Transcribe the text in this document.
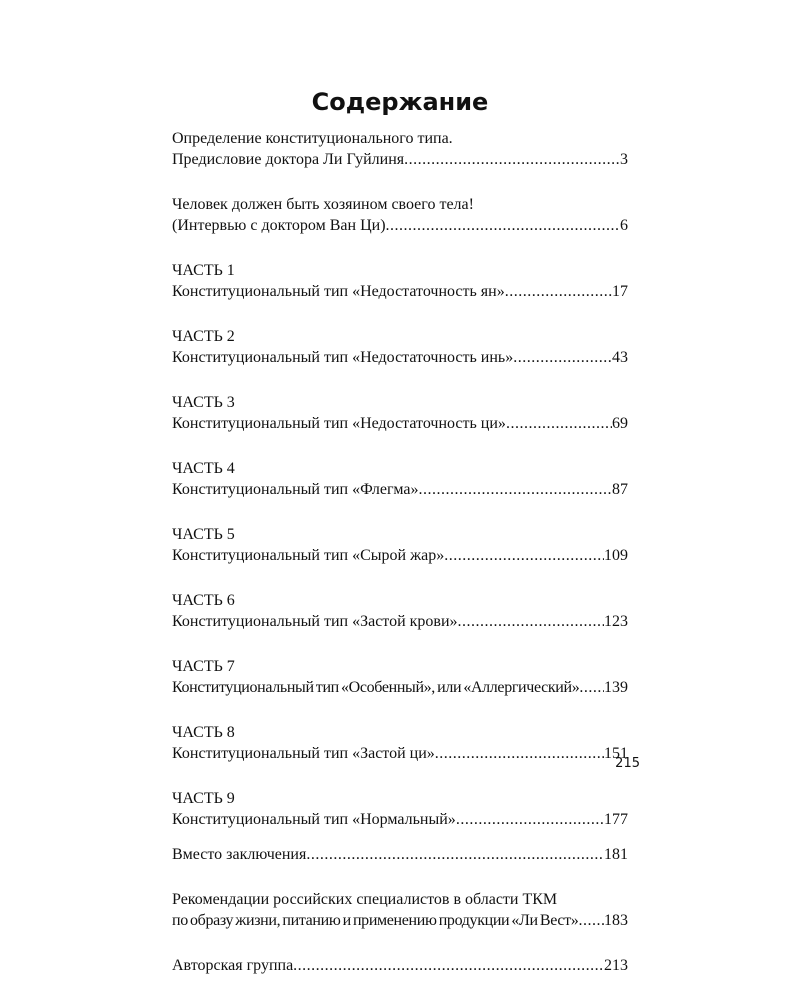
Содержание
Определение конституционального типа.
Предисловие доктора Ли Гуйлиня .....	3
Человек должен быть хозяином своего тела!
(Интервью с доктором Ван Ци) .....	6
ЧАСТЬ 1
Конституциональный тип «Недостаточность ян» .....	17
ЧАСТЬ 2
Конституциональный тип «Недостаточность инь» .....	43
ЧАСТЬ 3
Конституциональный тип «Недостаточность ци» .....	69
ЧАСТЬ 4
Конституциональный тип «Флегма» .....	87
ЧАСТЬ 5
Конституциональный тип «Сырой жар» .....	109
ЧАСТЬ 6
Конституциональный тип «Застой крови» .....	123
ЧАСТЬ 7
Конституциональный тип «Особенный», или «Аллергический» ..... 139
ЧАСТЬ 8
Конституциональный тип «Застой ци» .....	151
ЧАСТЬ 9
Конституциональный тип «Нормальный» .....	177
Вместо заключения .....	181
Рекомендации российских специалистов в области ТКМ
по образу жизни, питанию и применению продукции «Ли Вест» ..... 183
Авторская группа .....	213
215
